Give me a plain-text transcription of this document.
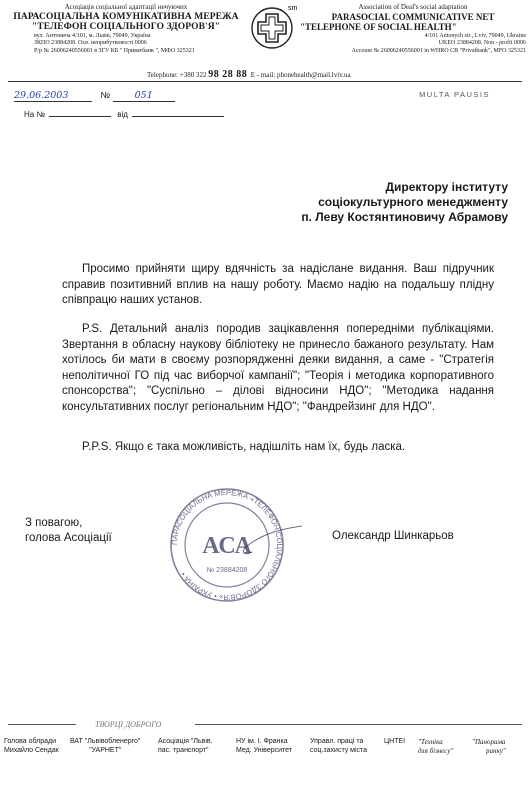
Асоціація соціальної адаптації нечуючих
ПАРАСОЦІАЛЬНА КОМУНІКАТИВНА МЕРЕЖА
"ТЕЛЕФОН СОЦІАЛЬНОГО ЗДОРОВ'Я"
вул. Антонича 4/101, м. Львів, 79049, Україна
ЗКПО 23884208. Осв. неприбутковості 0006
Р/р № 26006240556001 в ЗГУ КБ " Приватбанк ", МФО 325321
sm	Association of Deaf's social adaptation
PARASOCIAL COMMUNICATIVE NET
"TELEPHONE OF SOCIAL HEALTH"
4/101 Antonych str., Lviv, 79049, Ukraine
UKEO 23884208. Non - profit 0006
Account № 26006240556001 in WHRO CB "Privatbank", MFO 325321
Telephone: +380 322 98 28 88 E - mail: phonehealth@mail.lviv.ua
29.06.2003	№	051	MULTA PAUSIS
На №	від
Директору інституту
соціокультурного менеджменту
п. Леву Костянтиновичу Абрамову

Просимо прийняти щиру вдячність за надіслане видання. Ваш підручник справив позитивний вплив на нашу роботу. Маємо надію на подальшу плідну співпрацю наших установ.

P.S. Детальний аналіз породив зацікавлення попередніми публікаціями. Звертання в обласну наукову бібліотеку не принесло бажаного результату. Нам хотілось би мати в своєму розпорядженні деяки видання, а саме - "Стратегія неполітичної ГО під час виборчої кампанії"; "Теорія і методика корпоративного спонсорства"; "Суспільно – ділові відносини НДО"; "Методика надання консультативних послуг регіональним НДО"; "Фандрейзинг для НДО".

P.P.S. Якщо є така можливість, надішліть нам їх, будь ласка.

З повагою,
голова Асоціації	Олександр Шинкарьов
ПАРАСОЦІАЛЬНА МЕРЕЖА «ТЕЛЕФОН СОЦІАЛЬНОГО ЗДОРОВ'Я» • УКРАЇНА •
АСА
№ 23884208
ТВОРЦІ ДОБРОГО
Голова облради
Михайло Сендак
ВАТ "Львівобленерго"
"УАРНЕТ"
Асоціація "Львів.
пас. транспорт"
НУ ім. І. Франка
Мед. Університет
Управл. праці та
соц.захисту міста
ЦНТЕІ "Техніка
для бізнесу"
"Панорама
ринку"
